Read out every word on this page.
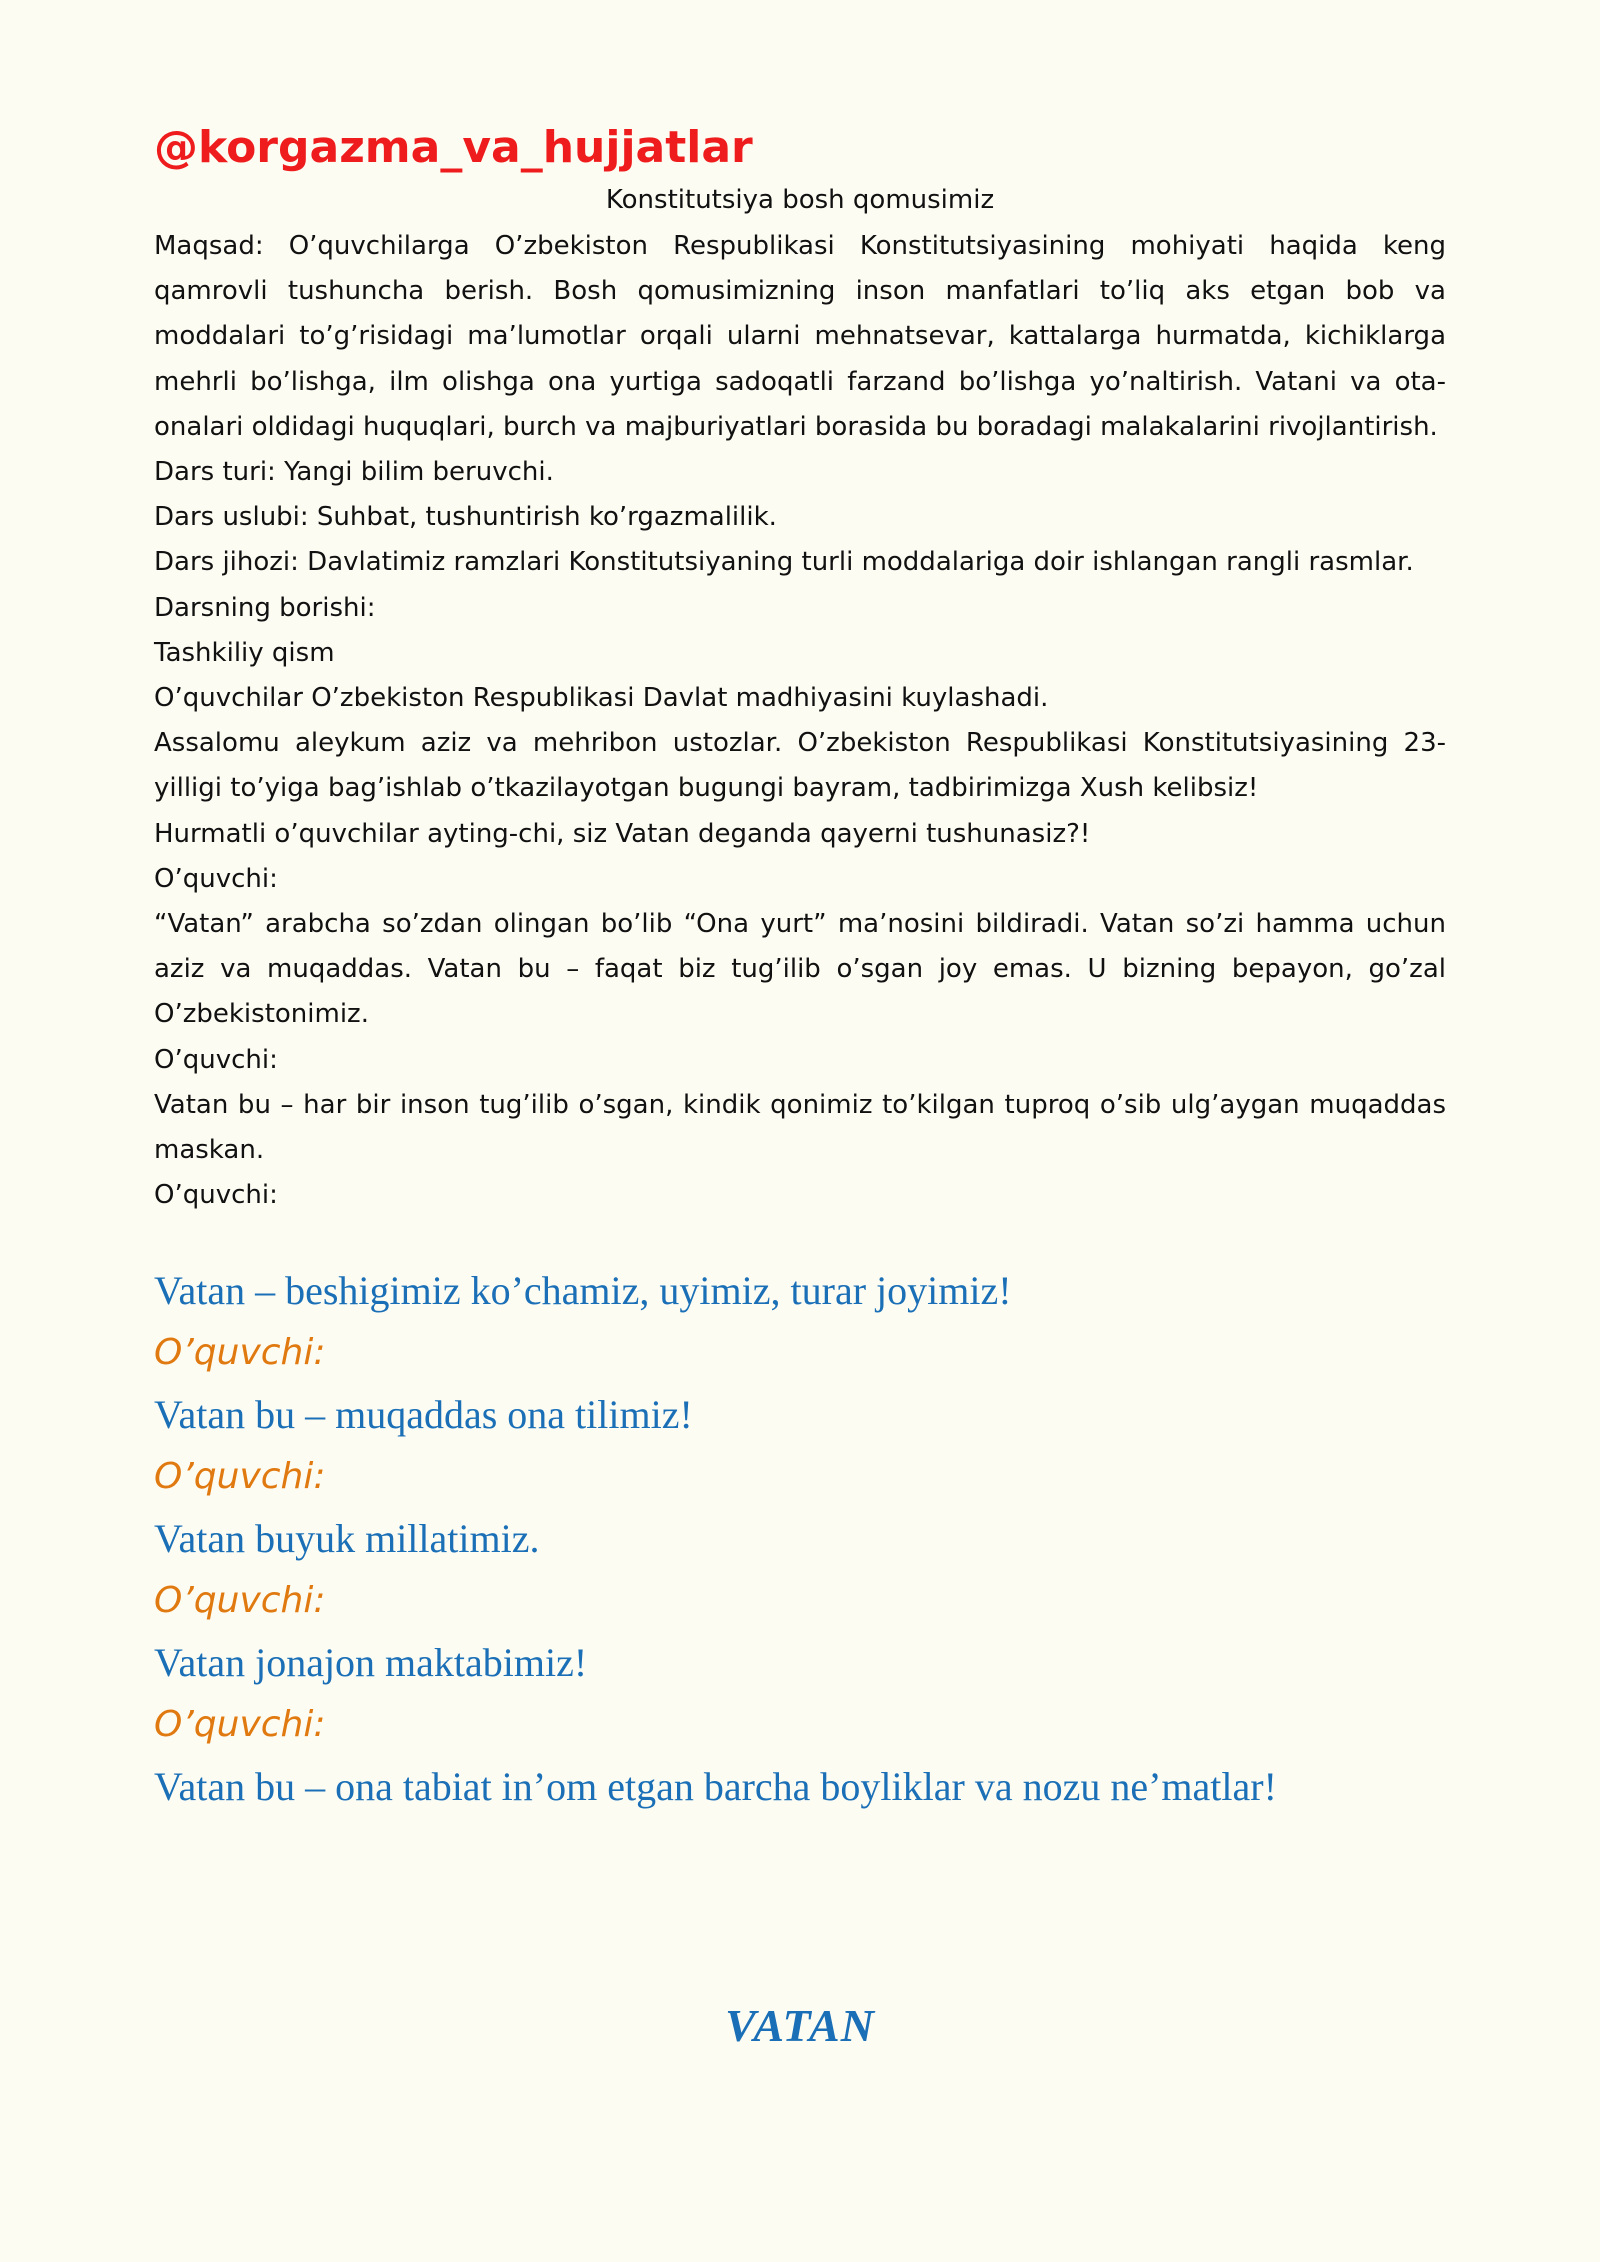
@korgazma_va_hujjatlar
Konstitutsiya bosh qomusimiz

Maqsad: O’quvchilarga O’zbekiston Respublikasi Konstitutsiyasining mohiyati haqida keng qamrovli tushuncha berish. Bosh qomusimizning inson manfatlari to’liq aks etgan bob va moddalari to’g’risidagi ma’lumotlar orqali ularni mehnatsevar, kattalarga hurmatda, kichiklarga mehrli bo’lishga, ilm olishga ona yurtiga sadoqatli farzand bo’lishga yo’naltirish. Vatani va ota-onalari oldidagi huquqlari, burch va majburiyatlari borasida bu boradagi malakalarini rivojlantirish.

Dars turi: Yangi bilim beruvchi.

Dars uslubi: Suhbat, tushuntirish ko’rgazmalilik.

Dars jihozi: Davlatimiz ramzlari Konstitutsiyaning turli moddalariga doir ishlangan rangli rasmlar.

Darsning borishi:

Tashkiliy qism

O’quvchilar O’zbekiston Respublikasi Davlat madhiyasini kuylashadi.

Assalomu aleykum aziz va mehribon ustozlar. O’zbekiston Respublikasi Konstitutsiyasining 23-yilligi to’yiga bag’ishlab o’tkazilayotgan bugungi bayram, tadbirimizga Xush kelibsiz!

Hurmatli o’quvchilar ayting-chi, siz Vatan deganda qayerni tushunasiz?!

O’quvchi:

“Vatan” arabcha so’zdan olingan bo’lib “Ona yurt” ma’nosini bildiradi. Vatan so’zi hamma uchun aziz va muqaddas. Vatan bu – faqat biz tug’ilib o’sgan joy emas. U bizning bepayon, go’zal O’zbekistonimiz.

O’quvchi:

Vatan bu – har bir inson tug’ilib o’sgan, kindik qonimiz to’kilgan tuproq o’sib ulg’aygan muqaddas maskan.

O’quvchi:

Vatan – beshigimiz ko’chamiz, uyimiz, turar joyimiz!

O’quvchi:

Vatan bu – muqaddas ona tilimiz!

O’quvchi:

Vatan buyuk millatimiz.

O’quvchi:

Vatan jonajon maktabimiz!

O’quvchi:

Vatan bu – ona tabiat in’om etgan barcha boyliklar va nozu ne’matlar!

VATAN
